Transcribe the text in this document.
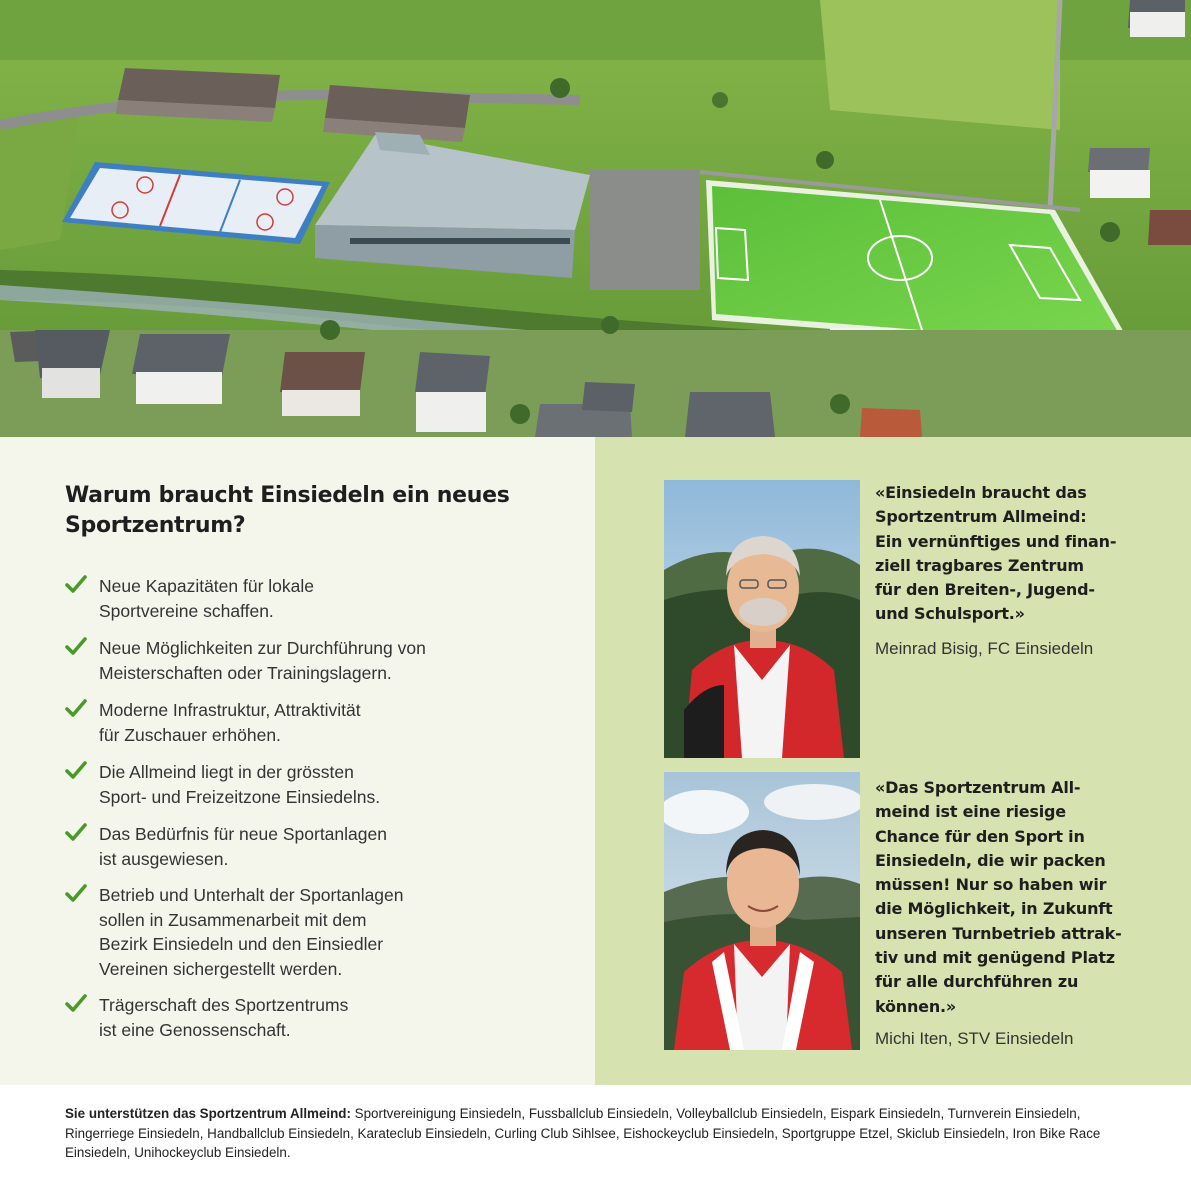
Warum braucht Einsiedeln ein neues Sportzentrum?
Neue Kapazitäten für lokale
Sportvereine schaffen.
Neue Möglichkeiten zur Durchführung von
Meisterschaften oder Trainingslagern.
Moderne Infrastruktur, Attraktivität
für Zuschauer erhöhen.
Die Allmeind liegt in der grössten
Sport- und Freizeitzone Einsiedelns.
Das Bedürfnis für neue Sportanlagen
ist ausgewiesen.
Betrieb und Unterhalt der Sportanlagen
sollen in Zusammenarbeit mit dem
Bezirk Einsiedeln und den Einsiedler
Vereinen sichergestellt werden.
Trägerschaft des Sportzentrums
ist eine Genossenschaft.

«Einsiedeln braucht das
Sportzentrum Allmeind:
Ein vernünftiges und finan-
ziell tragbares Zentrum
für den Breiten-, Jugend-
und Schulsport.»

Meinrad Bisig, FC Einsiedeln

«Das Sportzentrum All-
meind ist eine riesige
Chance für den Sport in
Einsiedeln, die wir packen
müssen! Nur so haben wir
die Möglichkeit, in Zukunft
unseren Turnbetrieb attrak-
tiv und mit genügend Platz
für alle durchführen zu
können.»

Michi Iten, STV Einsiedeln

Sie unterstützen das Sportzentrum Allmeind: Sportvereinigung Einsiedeln, Fussballclub Einsiedeln, Volleyballclub Einsiedeln, Eispark Einsiedeln, Turnverein Einsiedeln, Ringerriege Einsiedeln, Handballclub Einsiedeln, Karateclub Einsiedeln, Curling Club Sihlsee, Eishockeyclub Einsiedeln, Sportgruppe Etzel, Skiclub Einsiedeln, Iron Bike Race Einsiedeln, Unihockeyclub Einsiedeln.
